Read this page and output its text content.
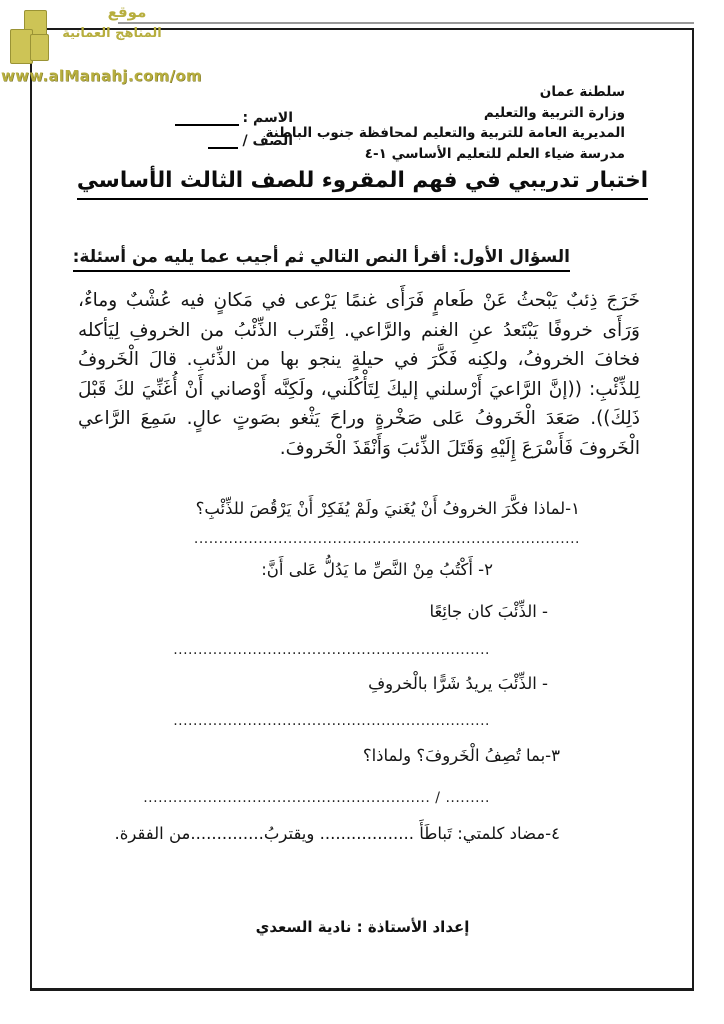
موقع
المناهج العمانية
www.alManahj.com/om
سلطنة عمان
وزارة التربية والتعليم
المديرية العامة للتربية والتعليم لمحافظة جنوب الباطنة
مدرسة ضياء العلم للتعليم الأساسي ١-٤
الاسم :
الصف /
اختبار تدريبي في فهم المقروء للصف الثالث الأساسي
السؤال الأول: أقرأ النص التالي ثم أجيب عما يليه من أسئلة:
خَرَجَ ذِئبٌ يَبْحثُ عَنْ طَعامٍ فَرَأَى غنمًا يَرْعى في مَكانٍ فيه عُشْبٌ وماءٌ، وَرَأَى خروفًا يَبْتَعدُ عنِ الغنم والرَّاعي. اِقْتَرب الذِّئْبُ من الخروفِ لِيَأكله فخافَ الخروفُ، ولكِنه فَكَّرَ في حيلةٍ ينجو بها من الذِّئبِ. قالَ الْخَروفُ لِلذِّئْبِ: ((إنَّ الرَّاعيَ أَرْسلني إليكَ لِتَأْكُلَني، ولَكِنَّه أَوْصاني أَنْ أُغَنِّيَ لكَ قَبْلَ ذَلِكَ)). صَعَدَ الْخَروفُ عَلى صَخْرةٍ وراحَ يَثْغو بصَوتٍ عالٍ. سَمِعَ الرَّاعي الْخَروفَ فَأَسْرَعَ إِلَيْهِ وَقَتَلَ الذِّئبَ وَأَنْقَذَ الْخَروفَ.
١-لماذا فكَّرَ الخروفُ أَنْ يُغَنيَ ولَمْ يُفَكِرْ أَنْ يَرْقُصَ للذِّئْبِ؟
..............................................................................
٢- أَكْتُبُ مِنْ النَّصِّ ما يَدُلُّ عَلى أَنَّ:
- الذِّئْبَ كان جائِعًا
................................................................
- الذِّئْبَ يريدُ شَرًّا بالْخروفِ
................................................................
٣-بما تُصِفُ الْخَروفَ؟ ولماذا؟
......... / ..........................................................
٤-مضاد كلمتي: تَباطَأَ .................. ويقتربُ..............من الفقرة.
إعداد الأستاذة : نادية السعدي
